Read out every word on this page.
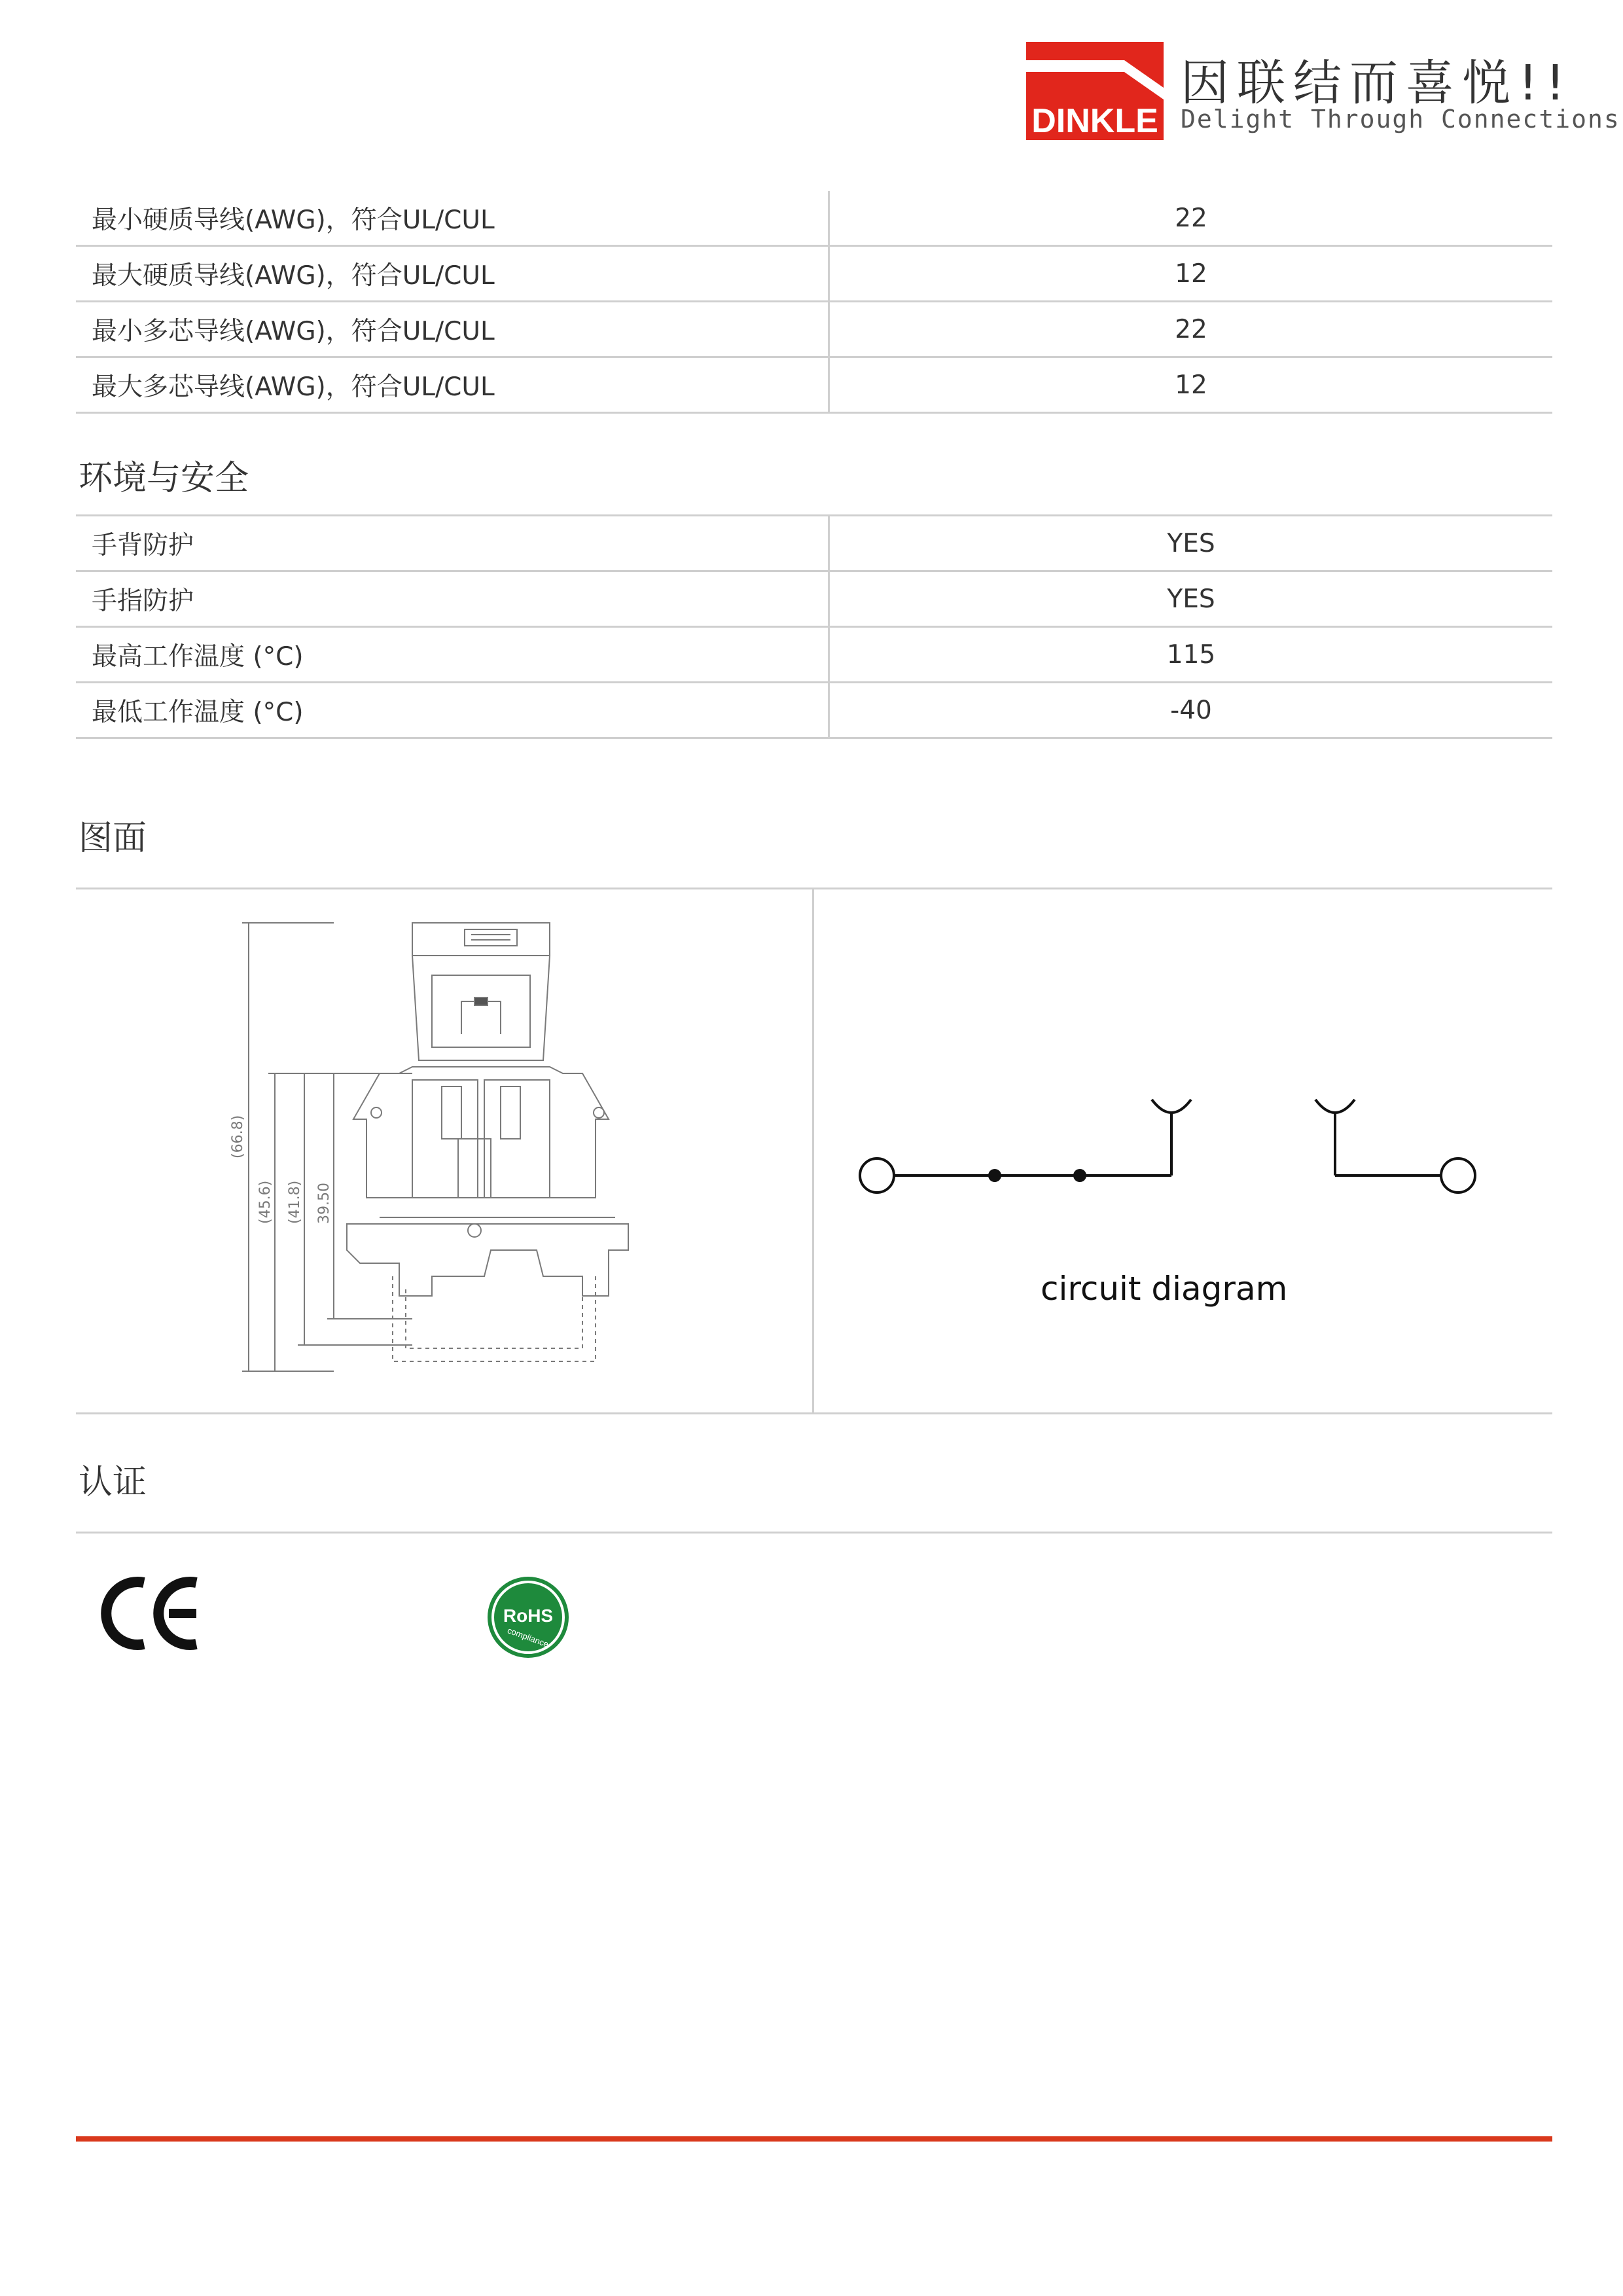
DINKLE
因联结而喜悦!!
Delight Through Connections
最小硬质导线(AWG)，符合UL/CUL	22
最大硬质导线(AWG)，符合UL/CUL	12
最小多芯导线(AWG)，符合UL/CUL	22
最大多芯导线(AWG)，符合UL/CUL	12
环境与安全
手背防护	YES
手指防护	YES
最高工作温度 (°C)	115
最低工作温度 (°C)	-40
图面
(66.8)
(45.6) (41.8) 39.50
circuit diagram
认证
CE
RoHS
compliance
